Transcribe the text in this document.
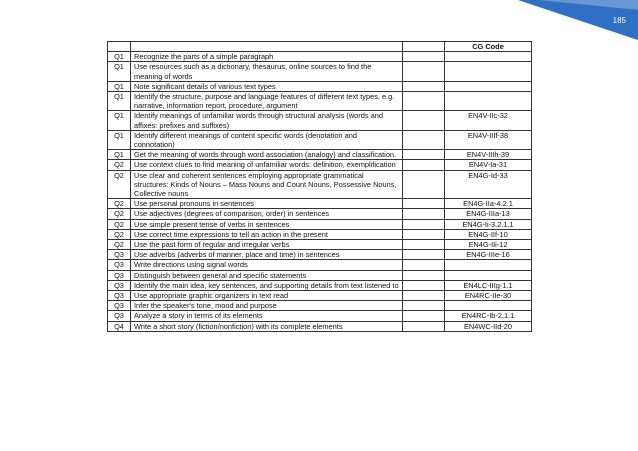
185
			CG Code
Q1	Recognize the parts of a simple paragraph		
Q1	Use resources such as a dictionary, thesaurus, online sources to find the meaning of words		
Q1	Note significant details of various text types		
Q1	Identify the structure, purpose and language features of different text types, e.g. narrative, information report, procedure, argument		
Q1	Identify meanings of unfamiliar words through structural analysis (words and affixes: prefixes and suffixes)		EN4V-IIc-32
Q1	Identify different meanings of content specific words (denotation and connotation)		EN4V-IIIf-38
Q1	Get the meaning of words through word association (analogy) and classification.		EN4V-IIIh-39
Q2	Use context clues to find meaning of unfamiliar words: definition, exemplification		EN4V-Ia-31
Q2	Use clear and coherent sentences employing appropriate grammatical structures: Kinds of Nouns – Mass Nouns and Count Nouns, Possessive Nouns, Collective nouns		EN4G-Id-33
Q2	Use personal pronouns in sentences		EN4G-IIa-4.2.1
Q2	Use adjectives (degrees of comparison, order) in sentences		EN4G-IIIa-13
Q2	Use simple present tense of verbs in sentences		EN4G-Ii-3.2.1.1
Q2	Use correct time expressions to tell an action in the present		EN4G-IIf-10
Q2	Use the past form of regular and irregular verbs		EN4G-IIi-12
Q3	Use adverbs (adverbs of manner, place and time) in sentences		EN4G-IIIe-16
Q3	Write directions using signal words		
Q3	Distinguish between general and specific statements		
Q3	Identify the main idea, key sentences, and supporting details from text listened to		EN4LC-IIIg-1.1
Q3	Use appropriate graphic organizers in text read		EN4RC-IIe-30
Q3	Infer the speaker's tone, mood and purpose		
Q3	Analyze a story in terms of its elements		EN4RC-Ib-2.1.1
Q4	Write a short story (fiction/nonfiction) with its complete elements		EN4WC-IId-20
